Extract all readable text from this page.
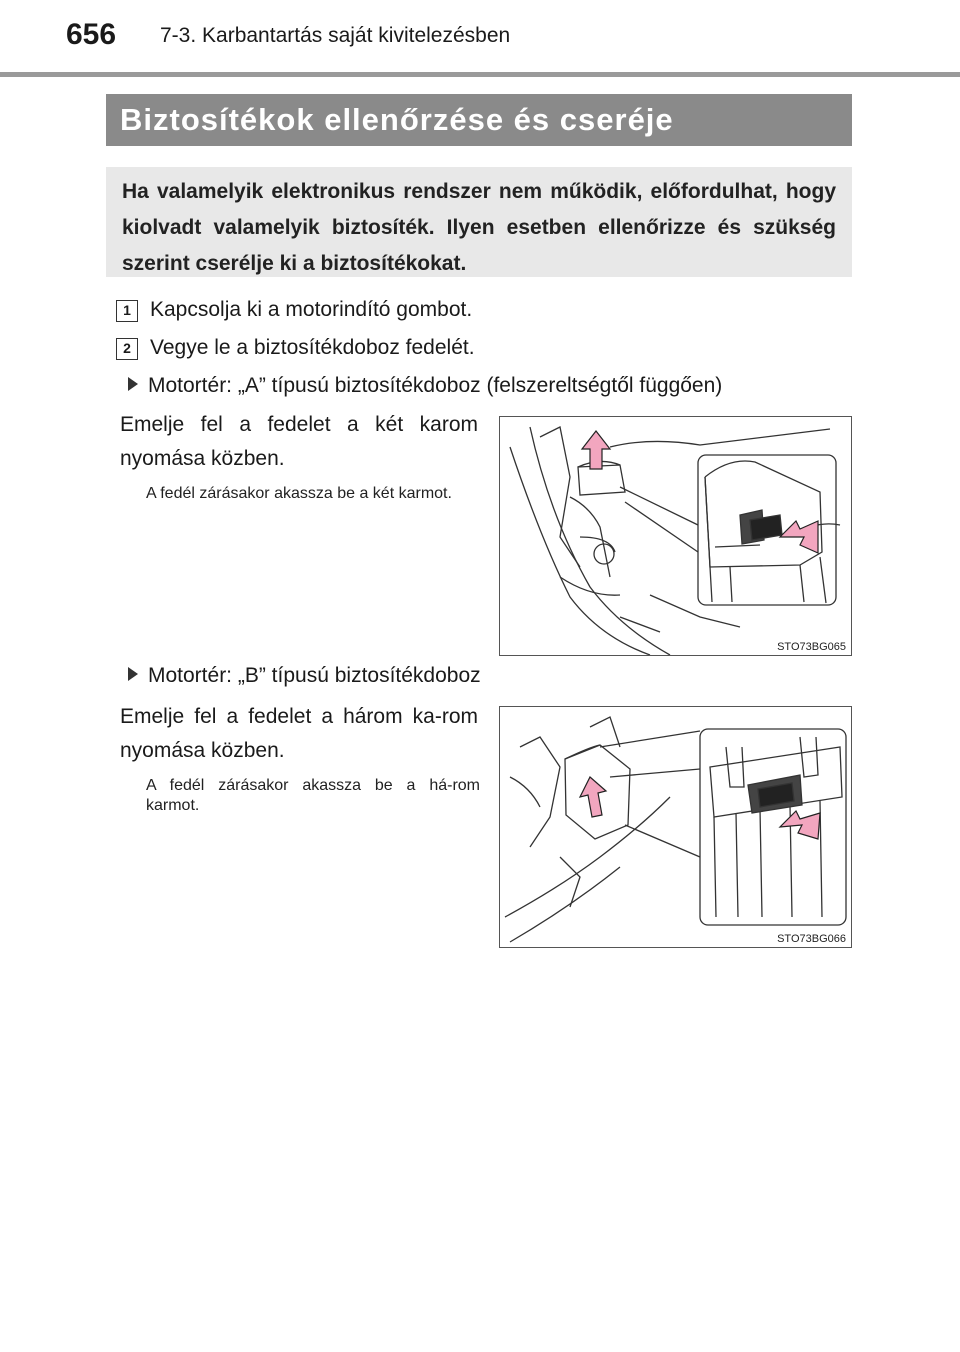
656 7-3. Karbantartás saját kivitelezésben
Biztosítékok ellenőrzése és cseréje

Ha valamelyik elektronikus rendszer nem működik, előfordulhat, hogy kiolvadt valamelyik biztosíték. Ilyen esetben ellenőrizze és szükség szerint cserélje ki a biztosítékokat.

1 Kapcsolja ki a motorindító gombot.
2 Vegye le a biztosítékdoboz fedelét.
Motortér: „A” típusú biztosítékdoboz (felszereltségtől függően)

Emelje fel a fedelet a két karom nyomása közben.

A fedél zárásakor akassza be a két karmot.

STO73BG065
Motortér: „B” típusú biztosítékdoboz

Emelje fel a fedelet a három ka-rom nyomása közben.

A fedél zárásakor akassza be a há-rom karmot.

STO73BG066
